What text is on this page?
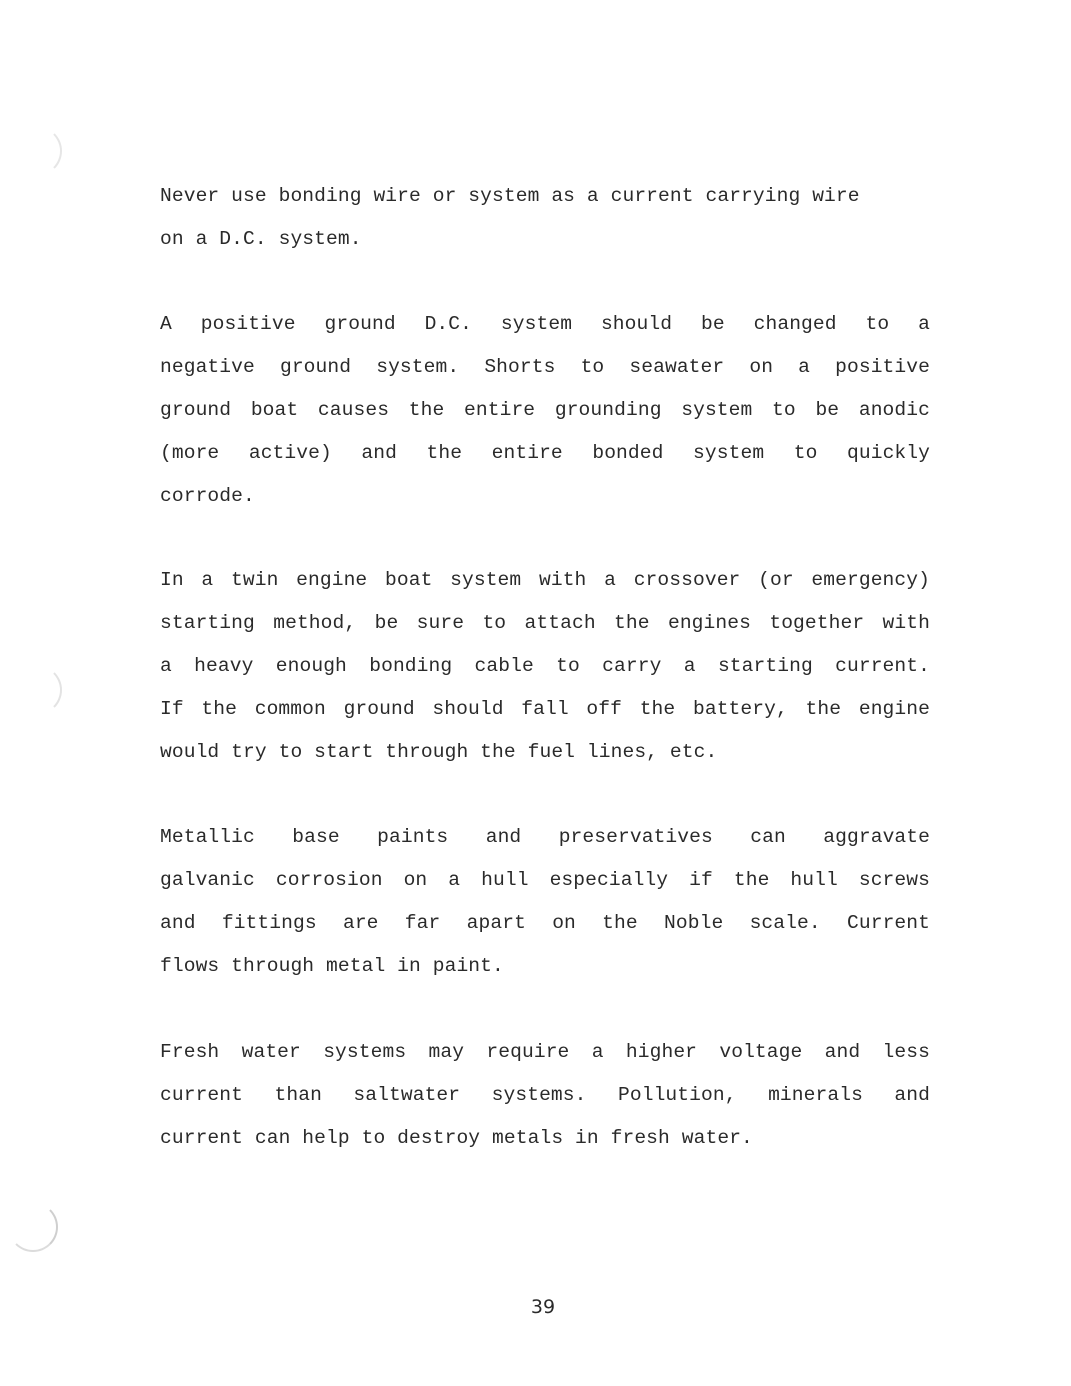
Never use bonding wire or system as a current carrying wire
on a D.C. system.
A positive ground D.C. system should be changed to a
negative ground system. Shorts to seawater on a positive
ground boat causes the entire grounding system to be anodic
(more active) and the entire bonded system to quickly
corrode.
In a twin engine boat system with a crossover (or emergency)
starting method, be sure to attach the engines together with
a heavy enough bonding cable to carry a starting current.
If the common ground should fall off the battery, the engine
would try to start through the fuel lines, etc.
Metallic base paints and preservatives can aggravate
galvanic corrosion on a hull especially if the hull screws
and fittings are far apart on the Noble scale. Current
flows through metal in paint.
Fresh water systems may require a higher voltage and less
current than saltwater systems. Pollution, minerals and
current can help to destroy metals in fresh water.
39
